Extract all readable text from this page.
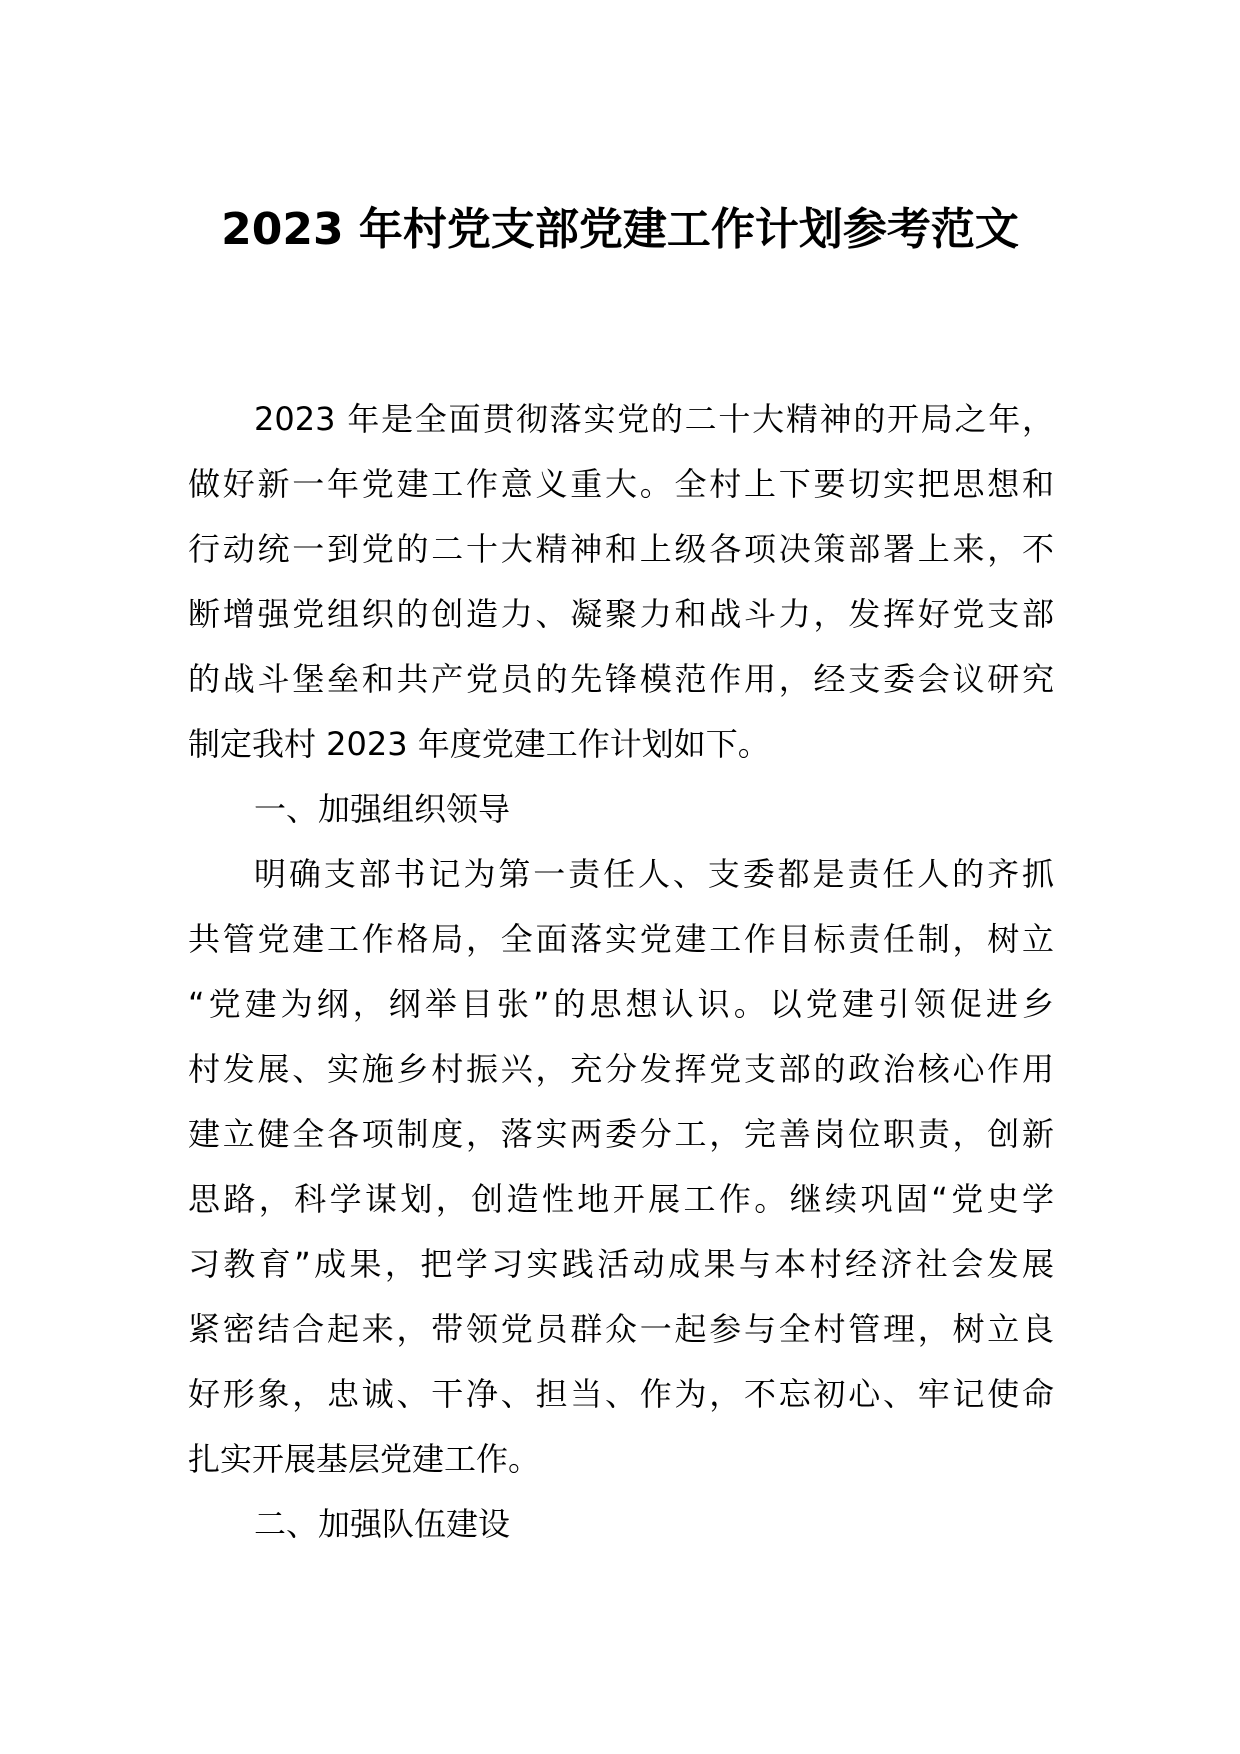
2023 年村党支部党建工作计划参考范文
2023 年是全面贯彻落实党的二十大精神的开局之年，
做好新一年党建工作意义重大。全村上下要切实把思想和
行动统一到党的二十大精神和上级各项决策部署上来，不
断增强党组织的创造力、凝聚力和战斗力，发挥好党支部
的战斗堡垒和共产党员的先锋模范作用，经支委会议研究
制定我村 2023 年度党建工作计划如下。
一、加强组织领导
明确支部书记为第一责任人、支委都是责任人的齐抓
共管党建工作格局，全面落实党建工作目标责任制，树立
“党建为纲，纲举目张”的思想认识。以党建引领促进乡
村发展、实施乡村振兴，充分发挥党支部的政治核心作用
建立健全各项制度，落实两委分工，完善岗位职责，创新
思路，科学谋划，创造性地开展工作。继续巩固“党史学
习教育”成果，把学习实践活动成果与本村经济社会发展
紧密结合起来，带领党员群众一起参与全村管理，树立良
好形象，忠诚、干净、担当、作为，不忘初心、牢记使命
扎实开展基层党建工作。
二、加强队伍建设
